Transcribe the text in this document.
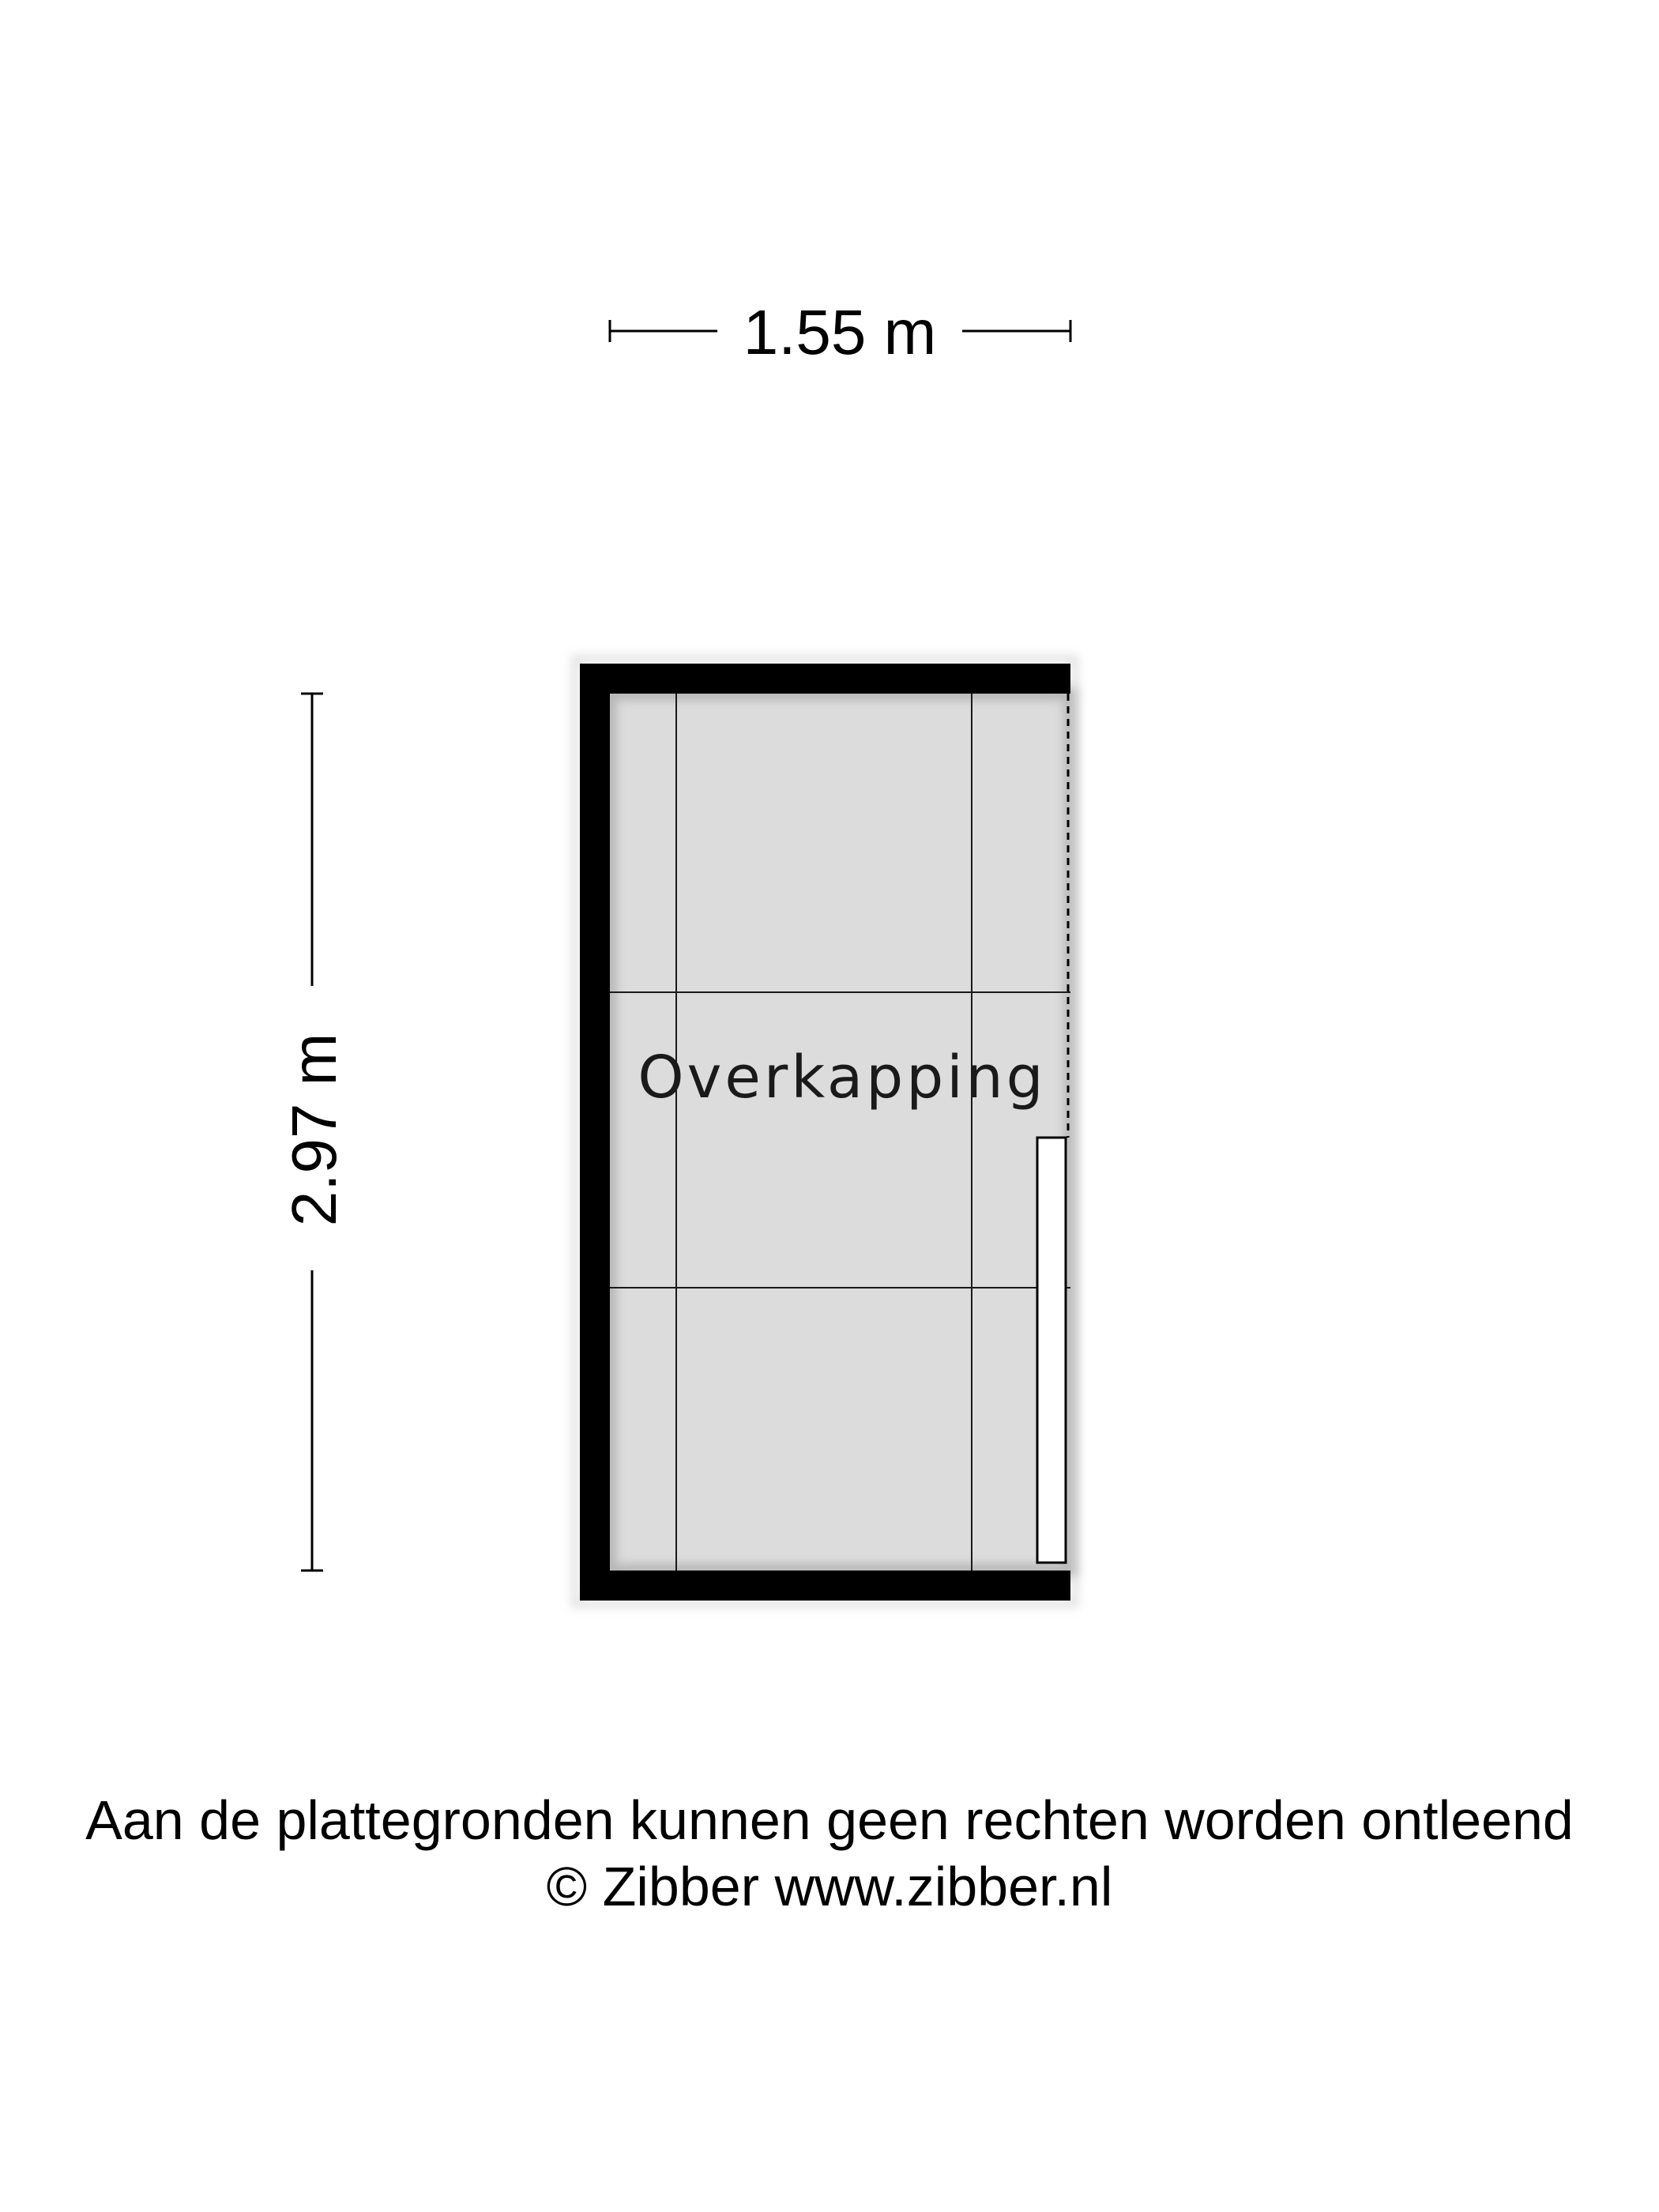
1.55 m
2.97 m	Overkapping
Aan de plattegronden kunnen geen rechten worden ontleend
© Zibber www.zibber.nl
